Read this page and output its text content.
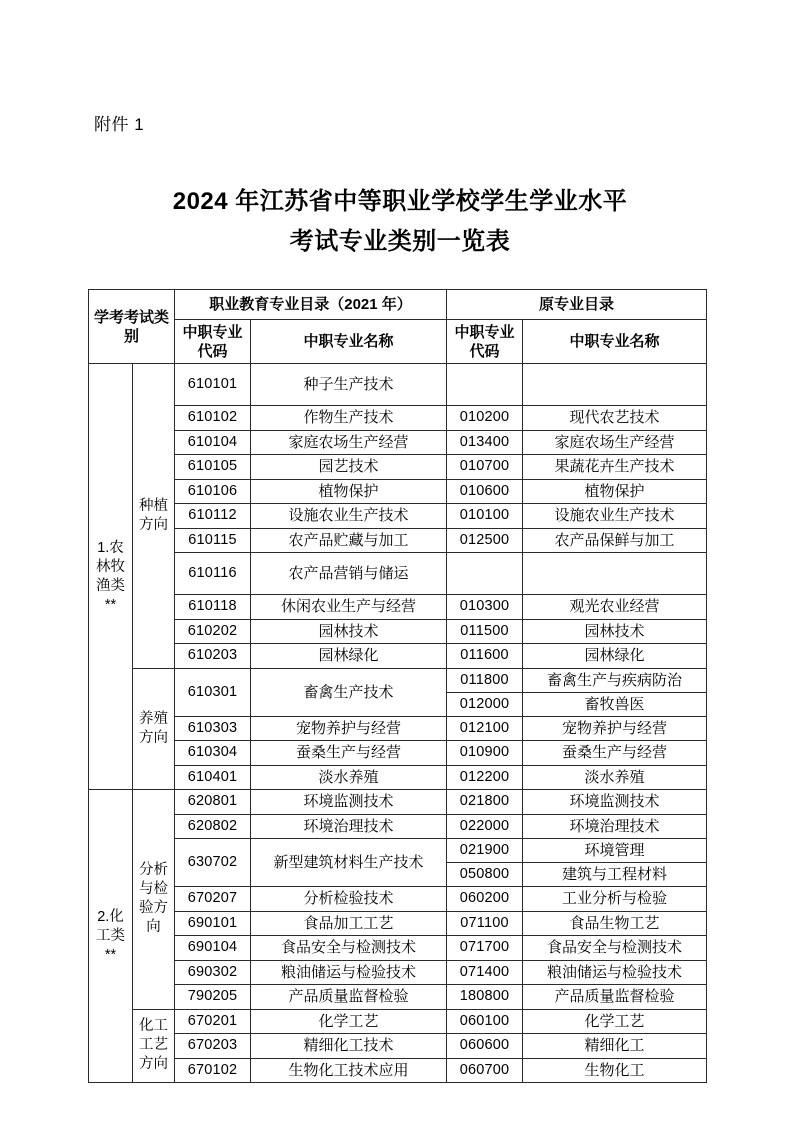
附件 1
2024 年江苏省中等职业学校学生学业水平
考试专业类别一览表
学考考试类别		职业教育专业目录（2021 年）		原专业目录	
		中职专业代码	中职专业名称	中职专业代码	中职专业名称
1.农林牧渔类**	种植方向	610101	种子生产技术		
		610102	作物生产技术	010200	现代农艺技术
		610104	家庭农场生产经营	013400	家庭农场生产经营
		610105	园艺技术	010700	果蔬花卉生产技术
		610106	植物保护	010600	植物保护
		610112	设施农业生产技术	010100	设施农业生产技术
		610115	农产品贮藏与加工	012500	农产品保鲜与加工
		610116	农产品营销与储运		
		610118	休闲农业生产与经营	010300	观光农业经营
		610202	园林技术	011500	园林技术
		610203	园林绿化	011600	园林绿化
	养殖方向	610301	畜禽生产技术	011800	畜禽生产与疾病防治
				012000	畜牧兽医
		610303	宠物养护与经营	012100	宠物养护与经营
		610304	蚕桑生产与经营	010900	蚕桑生产与经营
		610401	淡水养殖	012200	淡水养殖
2.化工类**	分析与检验方向	620801	环境监测技术	021800	环境监测技术
		620802	环境治理技术	022000	环境治理技术
		630702	新型建筑材料生产技术	021900	环境管理
				050800	建筑与工程材料
		670207	分析检验技术	060200	工业分析与检验
		690101	食品加工工艺	071100	食品生物工艺
		690104	食品安全与检测技术	071700	食品安全与检测技术
		690302	粮油储运与检验技术	071400	粮油储运与检验技术
		790205	产品质量监督检验	180800	产品质量监督检验
	化工工艺方向	670201	化学工艺	060100	化学工艺
		670203	精细化工技术	060600	精细化工
		670102	生物化工技术应用	060700	生物化工
